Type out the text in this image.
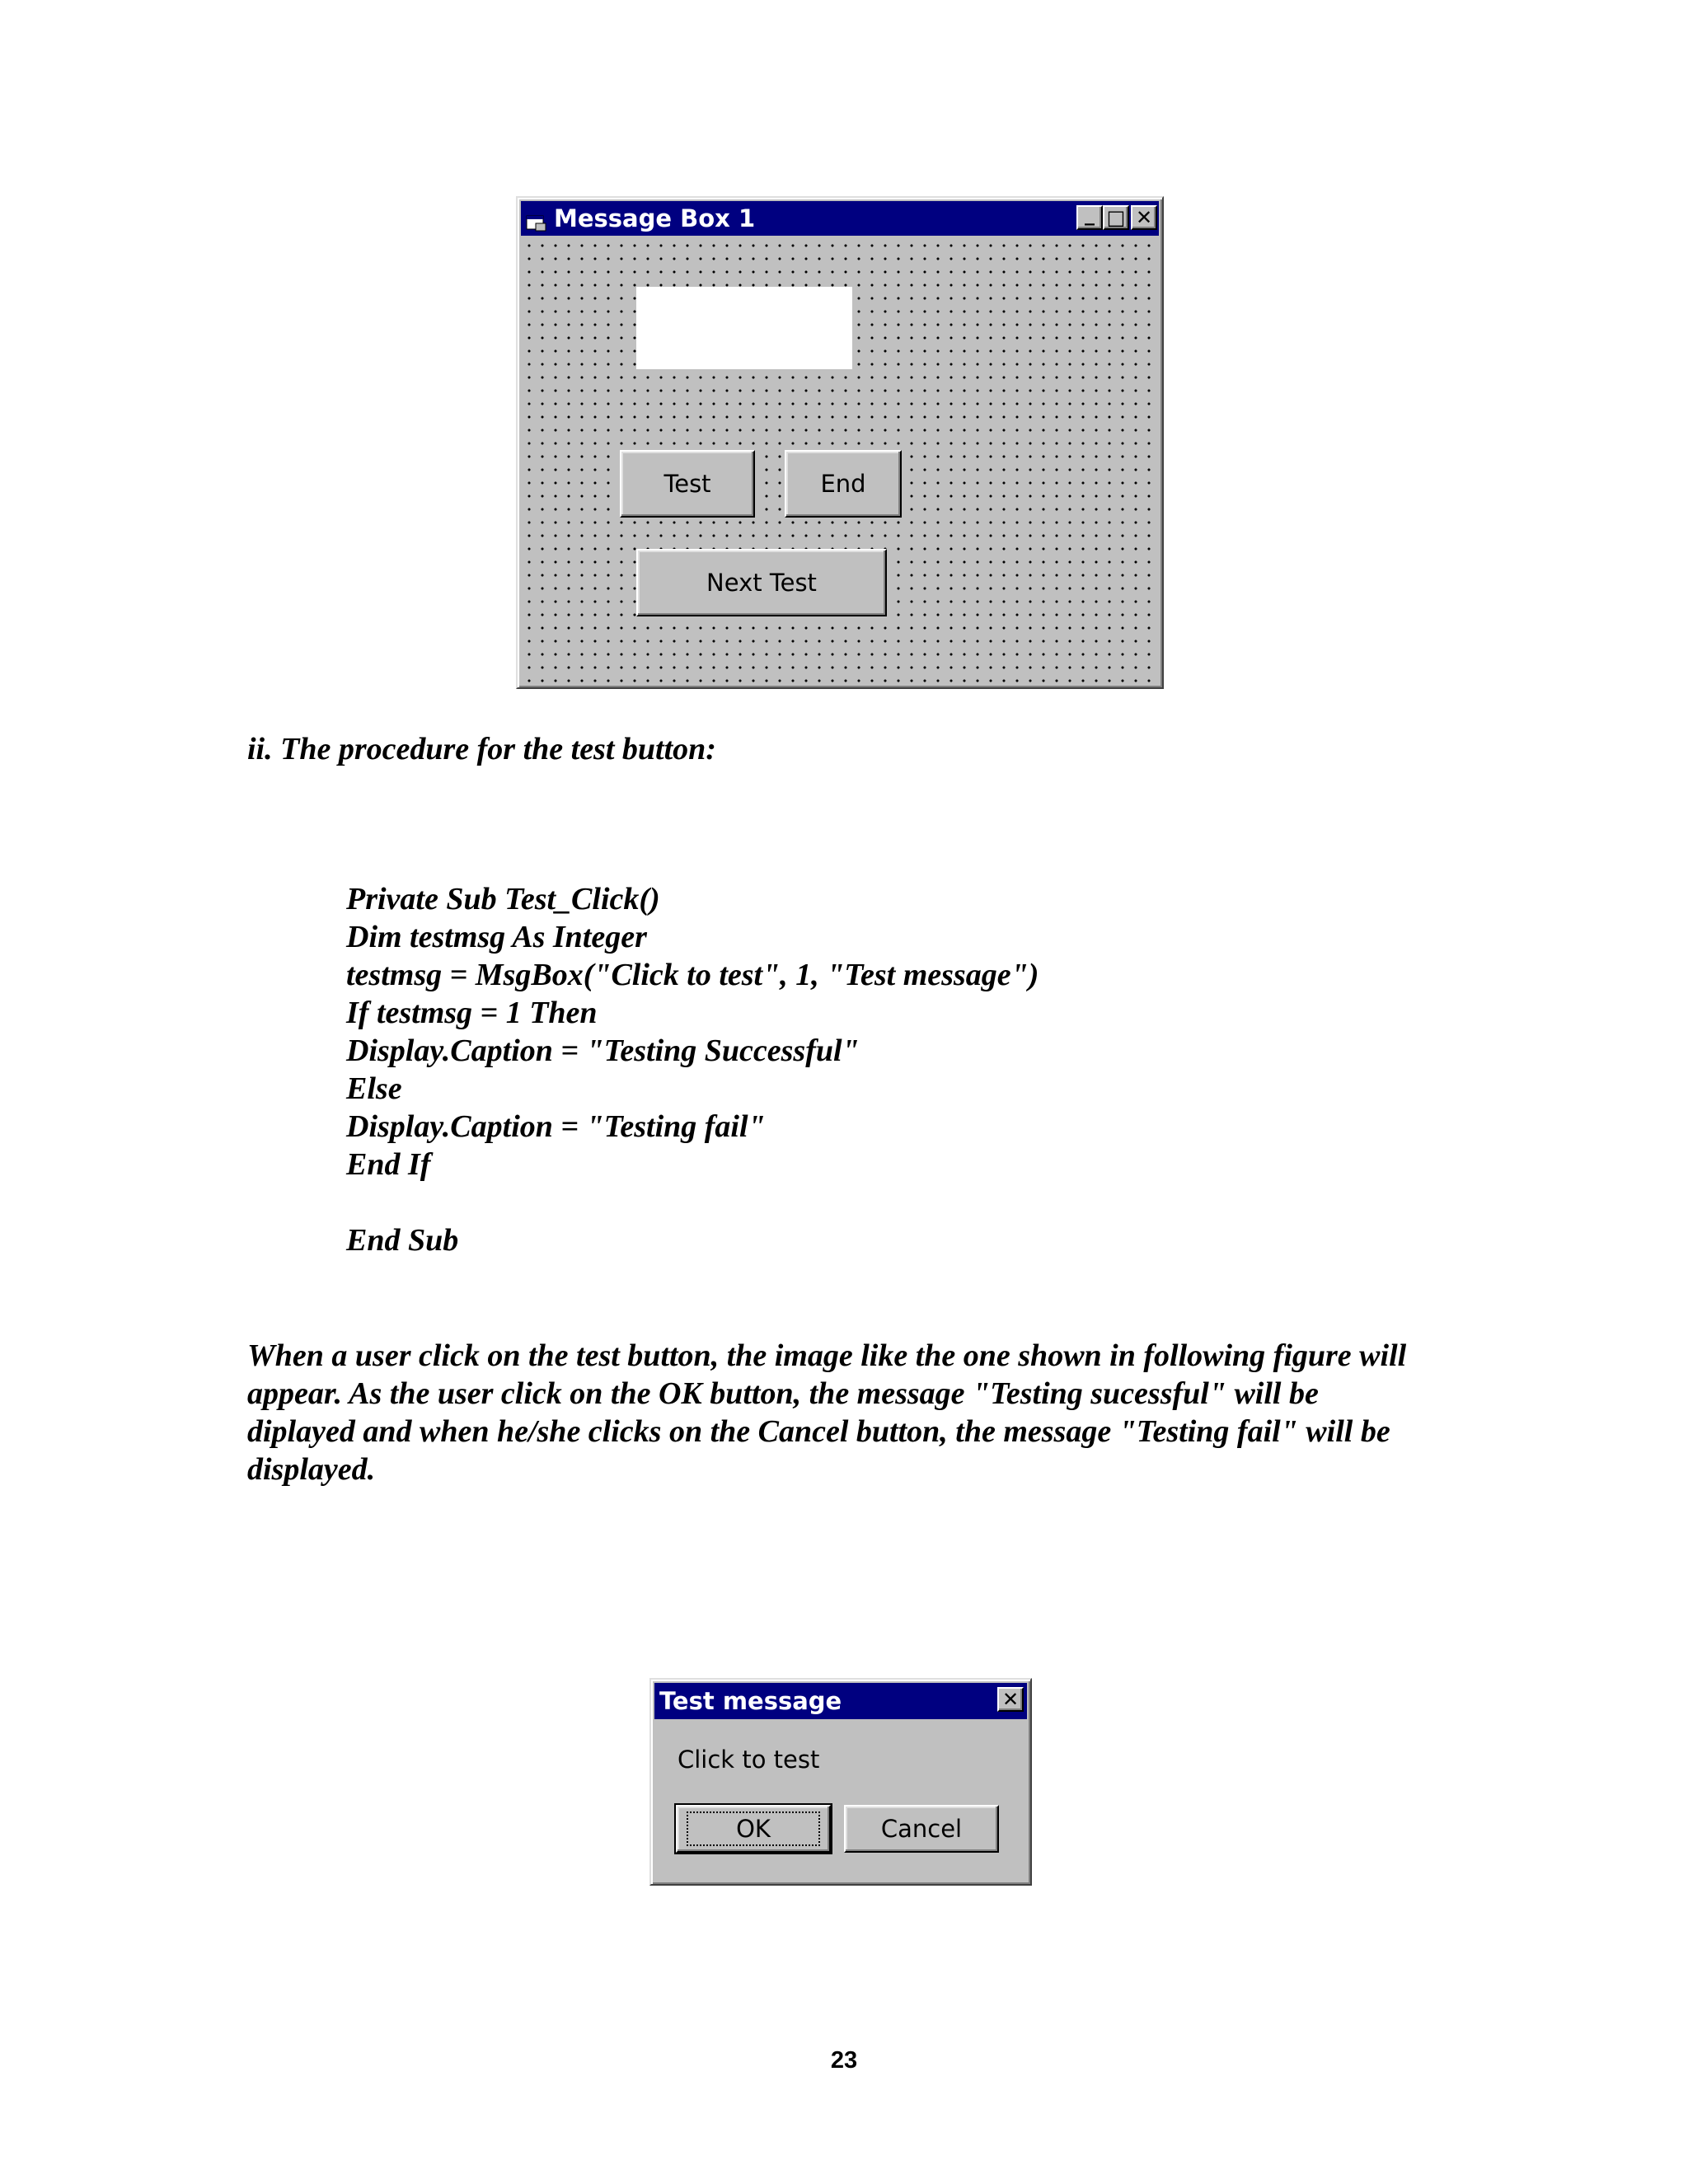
Message Box 1	_ □ ✕
Test	End
Next Test

ii. The procedure for the test button:

Private Sub Test_Click()
Dim testmsg As Integer
testmsg = MsgBox("Click to test", 1, "Test message")
If testmsg = 1 Then
Display.Caption = "Testing Successful"
Else
Display.Caption = "Testing fail"
End If
End Sub

When a user click on the test button, the image like the one shown in following figure will appear. As the user click on the OK button, the message "Testing sucessful" will be diplayed and when he/she clicks on the Cancel button, the message "Testing fail" will be displayed.

Test message	✕
Click to test
OK	Cancel
23
